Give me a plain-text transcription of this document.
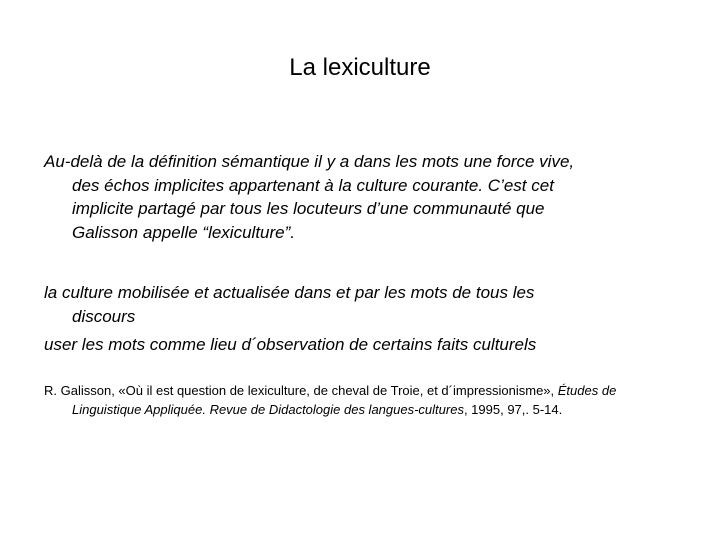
La lexiculture
Au-delà de la définition sémantique il y a dans les mots une force vive,
des échos implicites appartenant à la culture courante. C’est cet
implicite partagé par tous les locuteurs d’une communauté que
Galisson appelle “lexiculture”.
la culture mobilisée et actualisée dans et par les mots de tous les
discours
user les mots comme lieu d´observation de certains faits culturels
R. Galisson, «Où il est question de lexiculture, de cheval de Troie, et d´impressionisme», Études de
Linguistique Appliquée. Revue de Didactologie des langues-cultures, 1995, 97,. 5-14.
